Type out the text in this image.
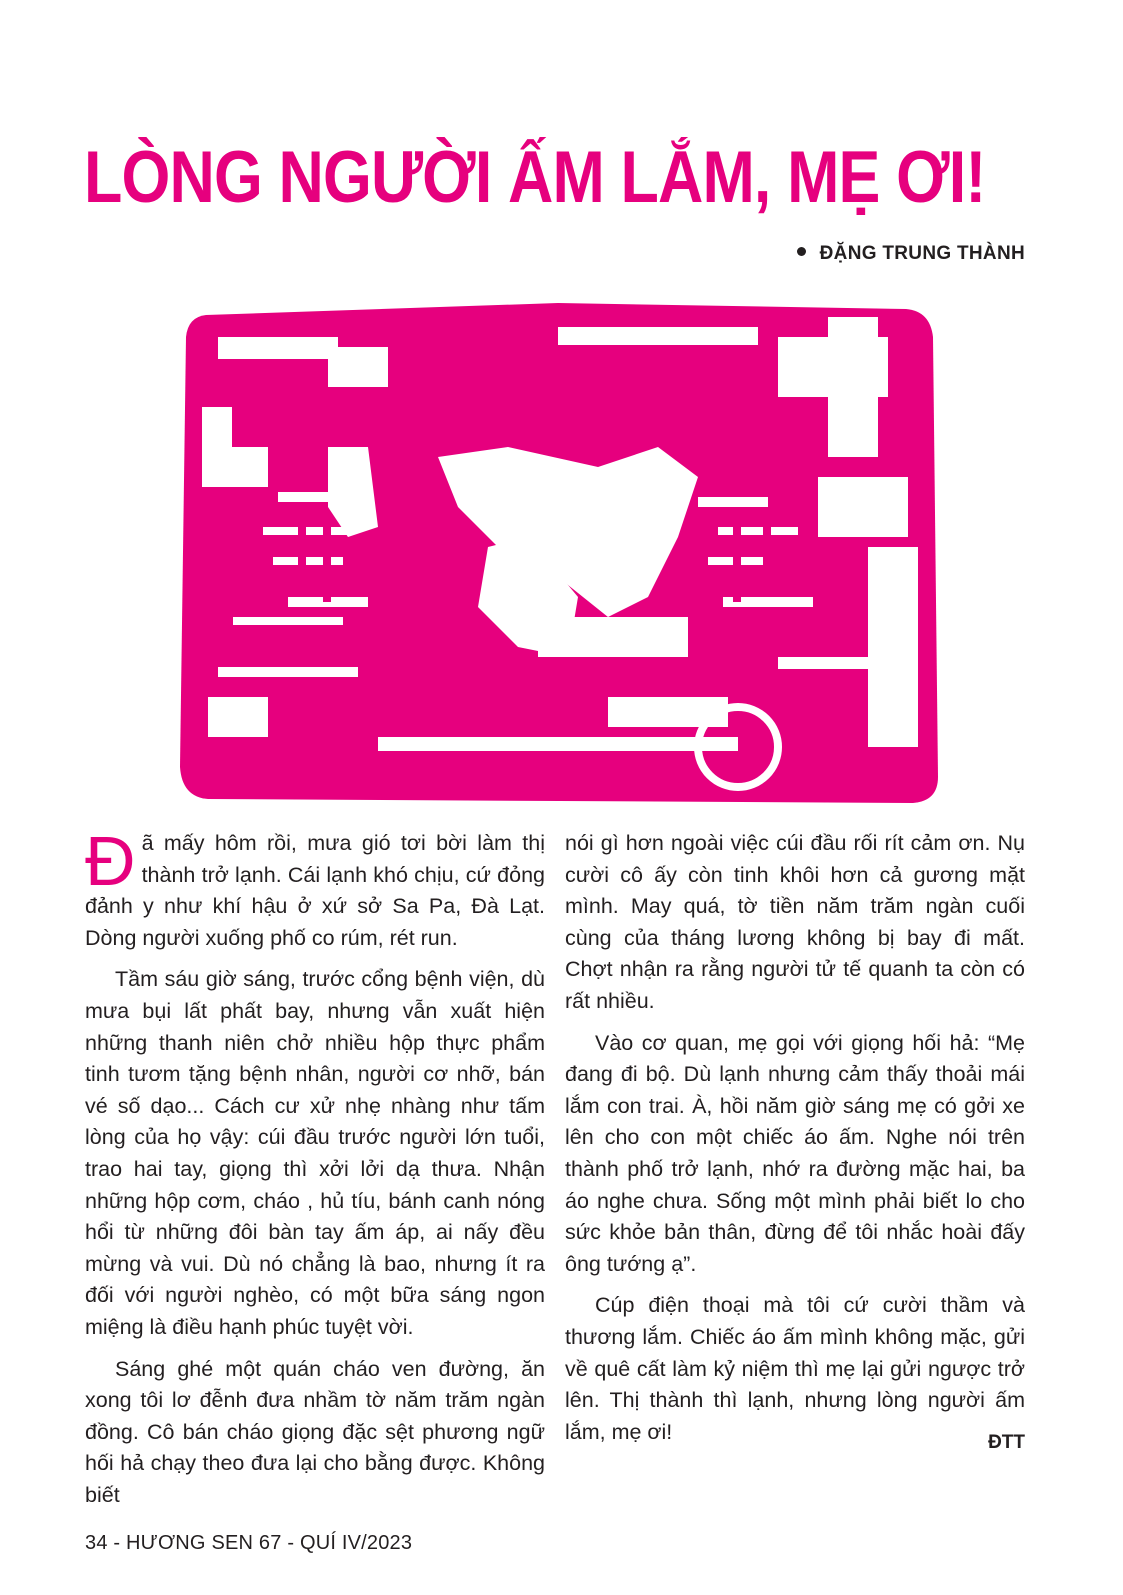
LÒNG NGƯỜI ẤM LẮM, MẸ ƠI!
ĐẶNG TRUNG THÀNH

Đã mấy hôm rồi, mưa gió tơi bời làm thị thành trở lạnh. Cái lạnh khó chịu, cứ đỏng đảnh y như khí hậu ở xứ sở Sa Pa, Đà Lạt. Dòng người xuống phố co rúm, rét run.

Tầm sáu giờ sáng, trước cổng bệnh viện, dù mưa bụi lất phất bay, nhưng vẫn xuất hiện những thanh niên chở nhiều hộp thực phẩm tinh tươm tặng bệnh nhân, người cơ nhỡ, bán vé số dạo... Cách cư xử nhẹ nhàng như tấm lòng của họ vậy: cúi đầu trước người lớn tuổi, trao hai tay, giọng thì xởi lởi dạ thưa. Nhận những hộp cơm, cháo , hủ tíu, bánh canh nóng hổi từ những đôi bàn tay ấm áp, ai nấy đều mừng và vui. Dù nó chẳng là bao, nhưng ít ra đối với người nghèo, có một bữa sáng ngon miệng là điều hạnh phúc tuyệt vời.

Sáng ghé một quán cháo ven đường, ăn xong tôi lơ đễnh đưa nhầm tờ năm trăm ngàn đồng. Cô bán cháo giọng đặc sệt phương ngữ hối hả chạy theo đưa lại cho bằng được. Không biết

nói gì hơn ngoài việc cúi đầu rối rít cảm ơn. Nụ cười cô ấy còn tinh khôi hơn cả gương mặt mình. May quá, tờ tiền năm trăm ngàn cuối cùng của tháng lương không bị bay đi mất. Chợt nhận ra rằng người tử tế quanh ta còn có rất nhiều.

Vào cơ quan, mẹ gọi với giọng hối hả: “Mẹ đang đi bộ. Dù lạnh nhưng cảm thấy thoải mái lắm con trai. À, hồi năm giờ sáng mẹ có gởi xe lên cho con một chiếc áo ấm. Nghe nói trên thành phố trở lạnh, nhớ ra đường mặc hai, ba áo nghe chưa. Sống một mình phải biết lo cho sức khỏe bản thân, đừng để tôi nhắc hoài đấy ông tướng ạ”.

Cúp điện thoại mà tôi cứ cười thầm và thương lắm. Chiếc áo ấm mình không mặc, gửi về quê cất làm kỷ niệm thì mẹ lại gửi ngược trở lên. Thị thành thì lạnh, nhưng lòng người ấm lắm, mẹ ơi!	ĐTT
34 - HƯƠNG SEN 67 - QUÍ IV/2023
